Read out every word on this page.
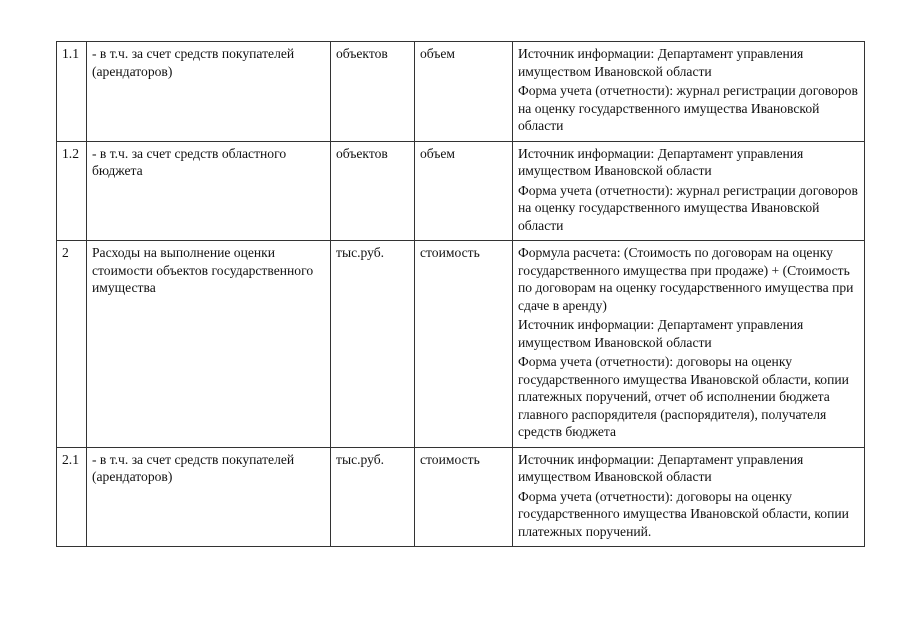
1.1	- в т.ч. за счет средств покупателей (арендаторов)	объектов	объем	Источник информации: Департамент управления имуществом Ивановской области

Форма учета (отчетности): журнал регистрации договоров на оценку государственного имущества Ивановской области

1.2	- в т.ч. за счет средств областного бюджета	объектов	объем	Источник информации: Департамент управления имуществом Ивановской области

Форма учета (отчетности): журнал регистрации договоров на оценку государственного имущества Ивановской области

2	Расходы на выполнение оценки стоимости объектов государственного имущества	тыс.руб.	стоимость	Формула расчета: (Стоимость по договорам на оценку государственного имущества при продаже) + (Стоимость по договорам на оценку государственного имущества при сдаче в аренду)

Источник информации: Департамент управления имуществом Ивановской области

Форма учета (отчетности): договоры на оценку государственного имущества Ивановской области, копии платежных поручений, отчет об исполнении бюджета главного распорядителя (распорядителя), получателя средств бюджета

2.1	- в т.ч. за счет средств покупателей (арендаторов)	тыс.руб.	стоимость	Источник информации: Департамент управления имуществом Ивановской области

Форма учета (отчетности): договоры на оценку государственного имущества Ивановской области, копии платежных поручений.
